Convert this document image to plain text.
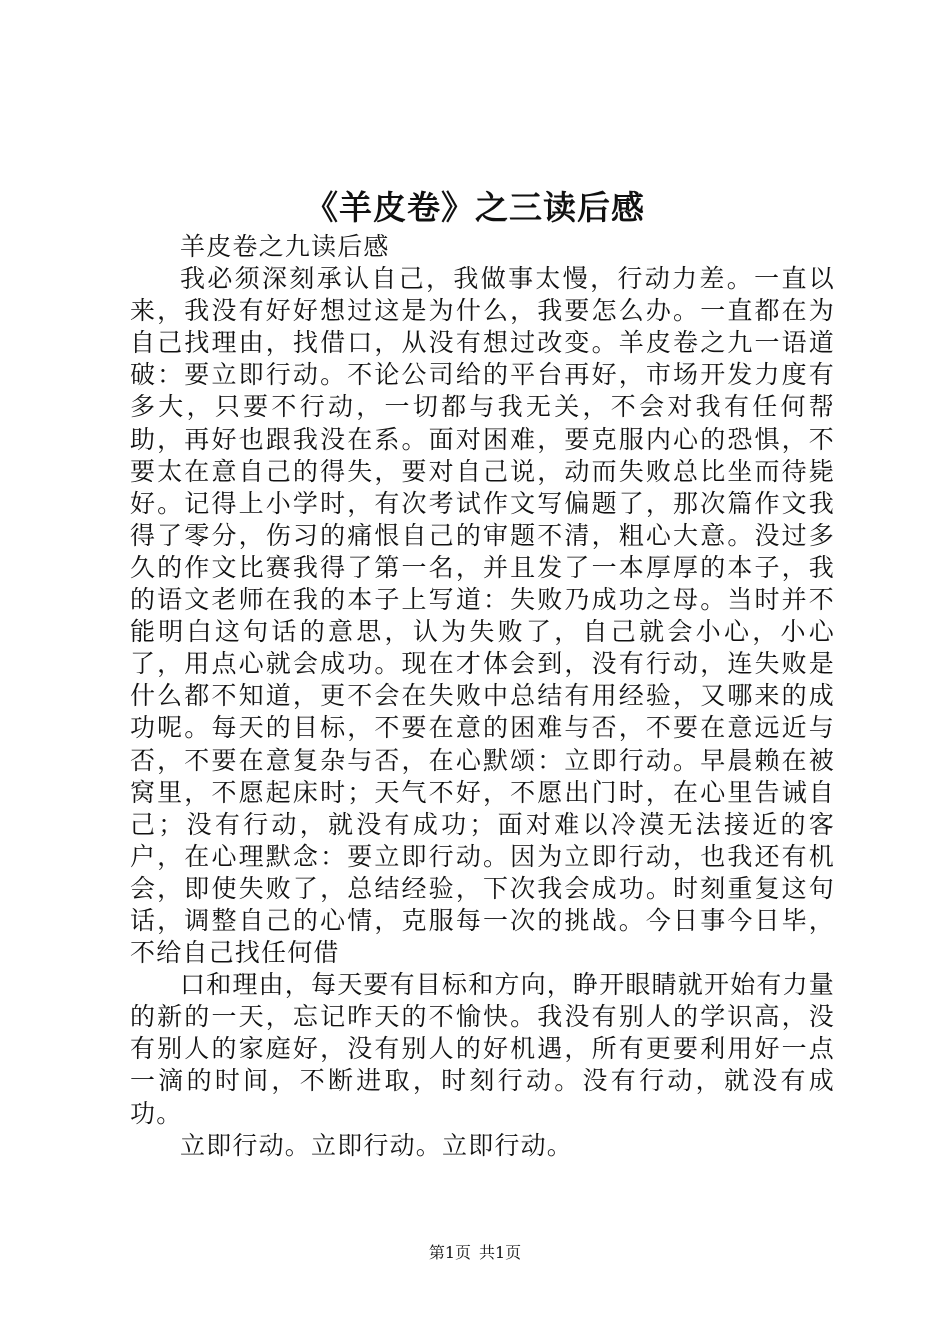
《羊皮卷》之三读后感

羊皮卷之九读后感

我必须深刻承认自己，我做事太慢，行动力差。一直以来，我没有好好想过这是为什么，我要怎么办。一直都在为自己找理由，找借口，从没有想过改变。羊皮卷之九一语道破：要立即行动。不论公司给的平台再好，市场开发力度有多大，只要不行动，一切都与我无关，不会对我有任何帮助，再好也跟我没在系。面对困难，要克服内心的恐惧，不要太在意自己的得失，要对自己说，动而失败总比坐而待毙好。记得上小学时，有次考试作文写偏题了，那次篇作文我得了零分，伤习的痛恨自己的审题不清，粗心大意。没过多久的作文比赛我得了第一名，并且发了一本厚厚的本子，我的语文老师在我的本子上写道：失败乃成功之母。当时并不能明白这句话的意思，认为失败了，自己就会小心，小心了，用点心就会成功。现在才体会到，没有行动，连失败是什么都不知道，更不会在失败中总结有用经验，又哪来的成功呢。每天的目标，不要在意的困难与否，不要在意远近与否，不要在意复杂与否，在心默颂：立即行动。早晨赖在被窝里，不愿起床时；天气不好，不愿出门时，在心里告诫自己；没有行动，就没有成功；面对难以冷漠无法接近的客户，在心理默念：要立即行动。因为立即行动，也我还有机会，即使失败了，总结经验，下次我会成功。时刻重复这句话，调整自己的心情，克服每一次的挑战。今日事今日毕，不给自己找任何借

口和理由，每天要有目标和方向，睁开眼睛就开始有力量的新的一天，忘记昨天的不愉快。我没有别人的学识高，没有别人的家庭好，没有别人的好机遇，所有更要利用好一点一滴的时间，不断进取，时刻行动。没有行动，就没有成功。

立即行动。立即行动。立即行动。

第1页 共1页
